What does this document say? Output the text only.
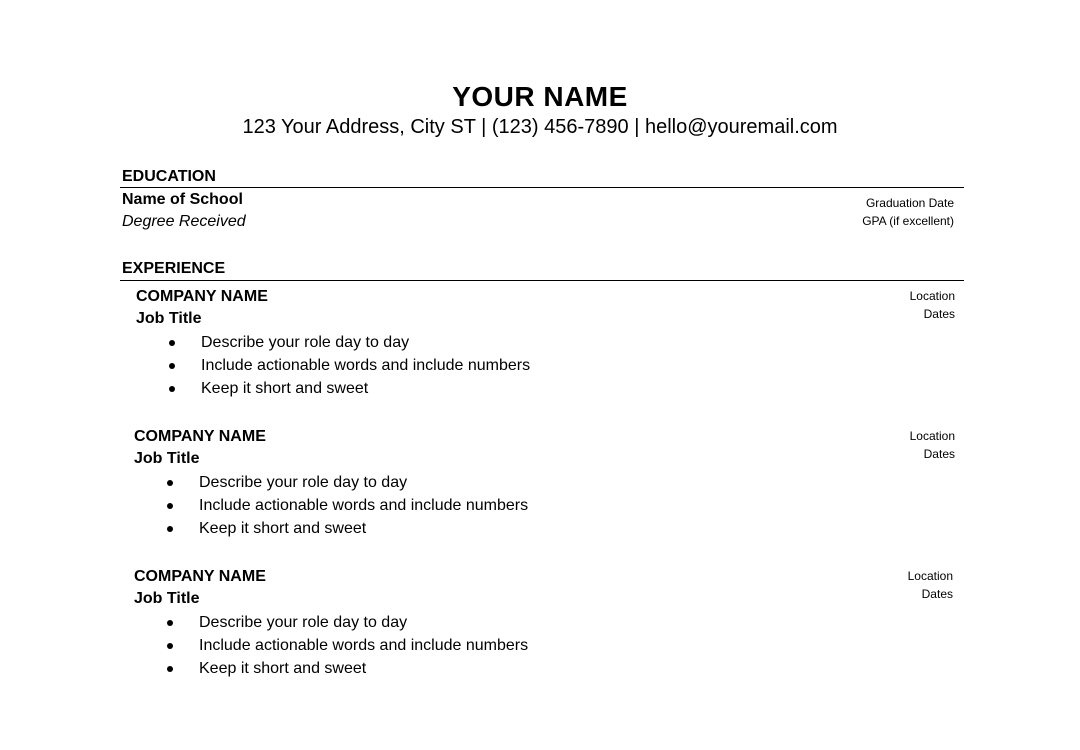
YOUR NAME
123 Your Address, City ST | (123) 456-7890 | hello@youremail.com
EDUCATION
Name of School
Degree Received
Graduation Date
GPA (if excellent)
EXPERIENCE
COMPANY NAME
Job Title
Location
Dates
Describe your role day to day
Include actionable words and include numbers
Keep it short and sweet
COMPANY NAME
Job Title
Location
Dates
Describe your role day to day
Include actionable words and include numbers
Keep it short and sweet
COMPANY NAME
Job Title
Location
Dates
Describe your role day to day
Include actionable words and include numbers
Keep it short and sweet
